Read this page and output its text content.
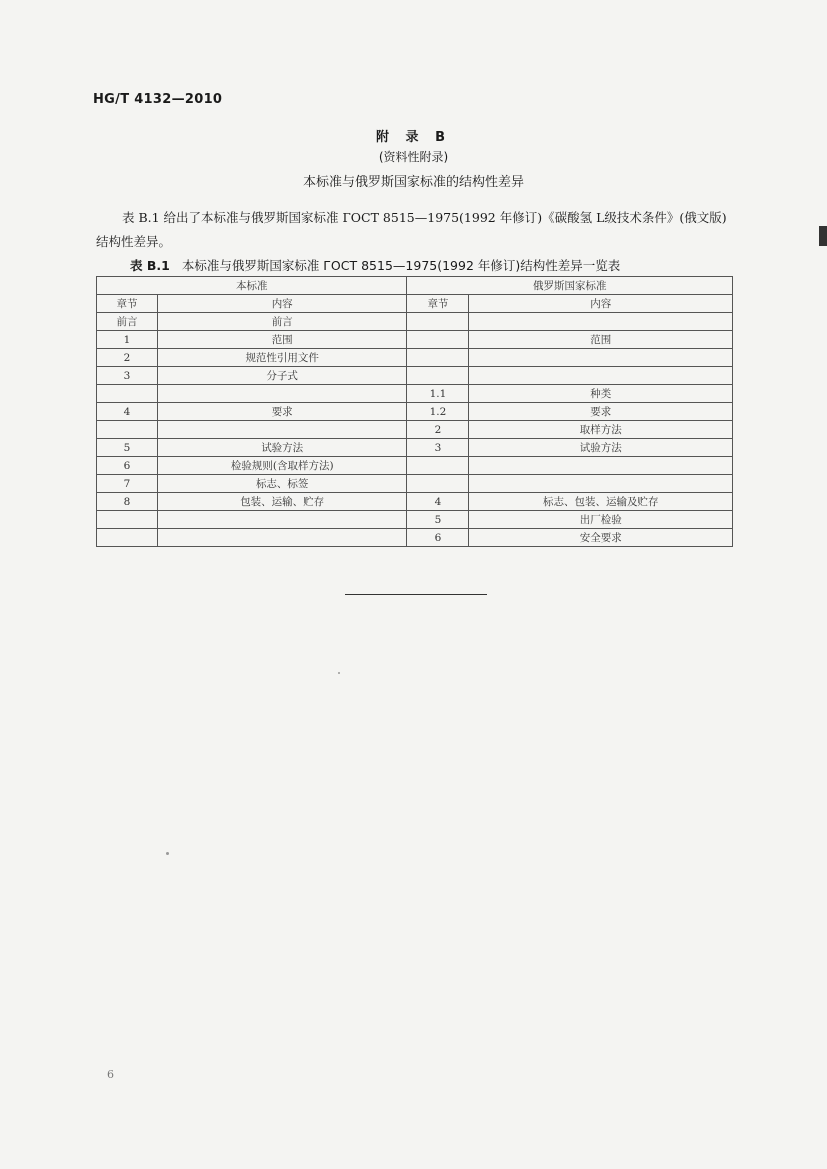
HG/T 4132—2010
附 录 B
(资料性附录)
本标准与俄罗斯国家标准的结构性差异
表 B.1 给出了本标准与俄罗斯国家标准 ГОСТ 8515—1975(1992 年修订)《碳酸氢 L级技术条件》(俄文版)结构性差异。
表 B.1 本标准与俄罗斯国家标准 ГОСТ 8515—1975(1992 年修订)结构性差异一览表
本标准		俄罗斯国家标准	
章节	内容	章节	内容
前言	前言		
1	范围		范围
2	规范性引用文件		
3	分子式		
		1.1	种类
4	要求	1.2	要求
		2	取样方法
5	试验方法	3	试验方法
6	检验规则(含取样方法)		
7	标志、标签		
8	包装、运输、贮存	4	标志、包装、运输及贮存
		5	出厂检验
		6	安全要求
6
